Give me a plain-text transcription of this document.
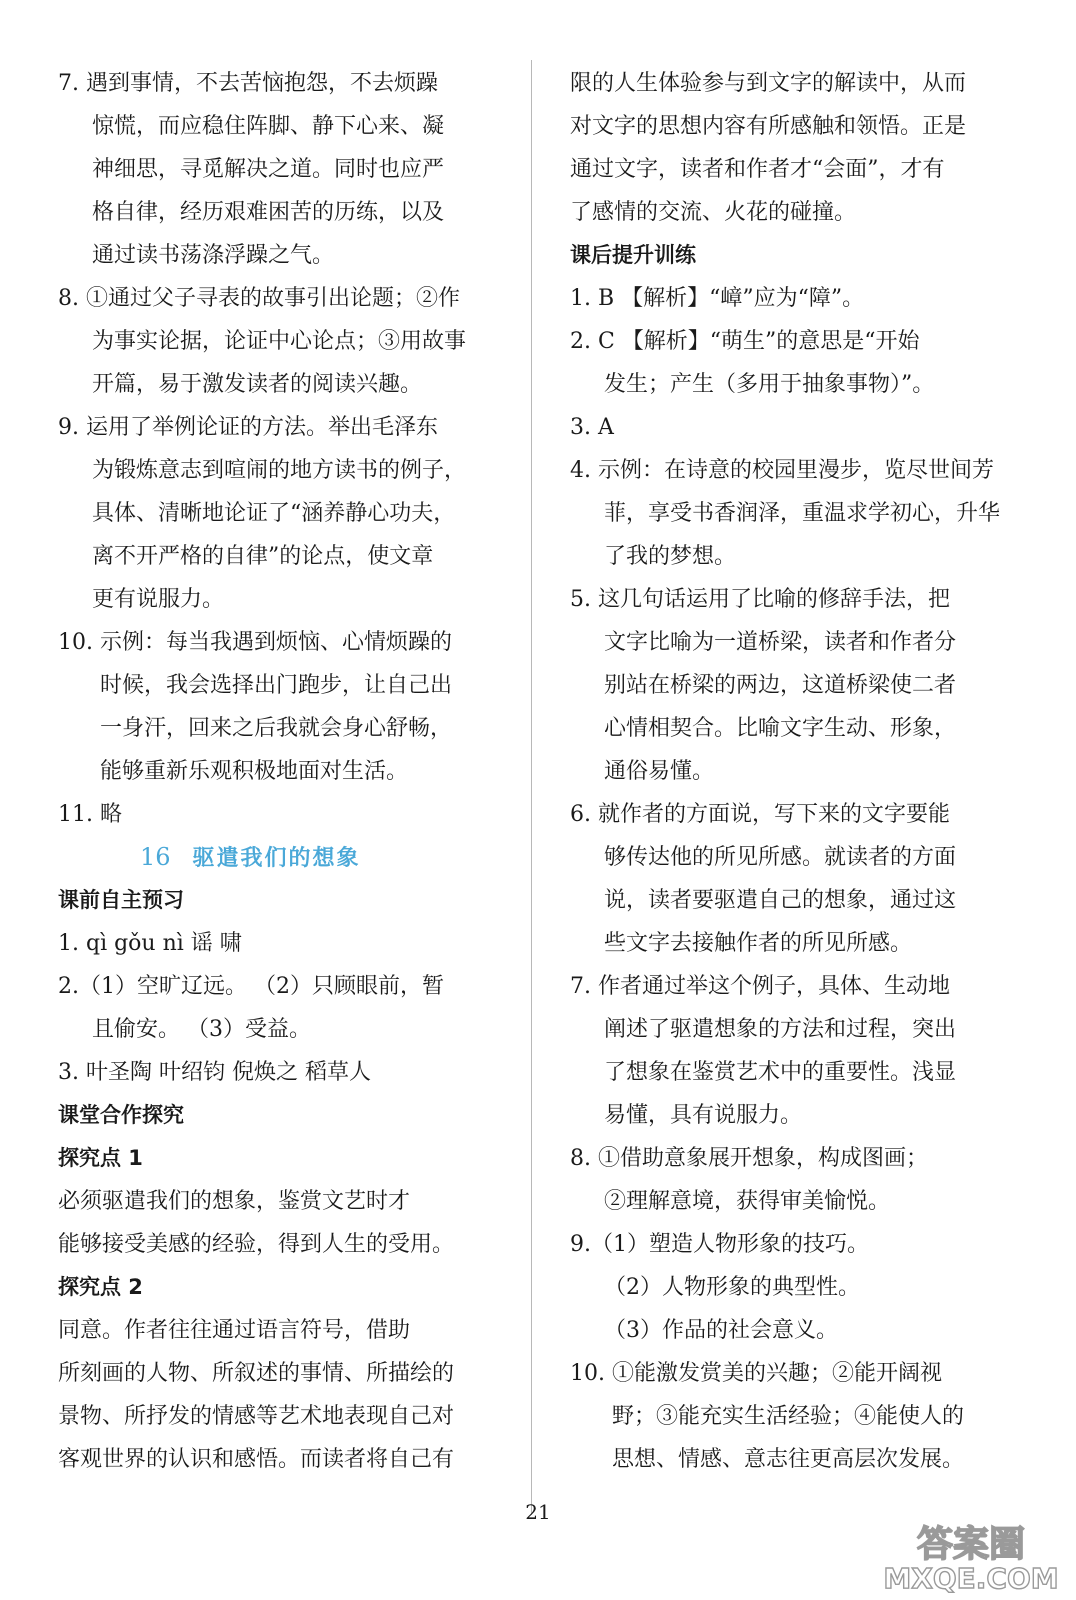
7. 遇到事情，不去苦恼抱怨，不去烦躁
惊慌，而应稳住阵脚、静下心来、凝
神细思，寻觅解决之道。同时也应严
格自律，经历艰难困苦的历练，以及
通过读书荡涤浮躁之气。
8. ①通过父子寻表的故事引出论题；②作
为事实论据，论证中心论点；③用故事
开篇，易于激发读者的阅读兴趣。
9. 运用了举例论证的方法。举出毛泽东
为锻炼意志到喧闹的地方读书的例子，
具体、清晰地论证了“涵养静心功夫，
离不开严格的自律”的论点，使文章
更有说服力。
10. 示例：每当我遇到烦恼、心情烦躁的
时候，我会选择出门跑步，让自己出
一身汗，回来之后我就会身心舒畅，
能够重新乐观积极地面对生活。
11. 略
16 驱遣我们的想象
课前自主预习
1. qì gǒu nì 谣 啸
2.（1）空旷辽远。 （2）只顾眼前，暂
且偷安。 （3）受益。
3. 叶圣陶 叶绍钧 倪焕之 稻草人
课堂合作探究
探究点 1
必须驱遣我们的想象，鉴赏文艺时才
能够接受美感的经验，得到人生的受用。
探究点 2
同意。作者往往通过语言符号，借助
所刻画的人物、所叙述的事情、所描绘的
景物、所抒发的情感等艺术地表现自己对
客观世界的认识和感悟。而读者将自己有
限的人生体验参与到文字的解读中，从而
对文字的思想内容有所感触和领悟。正是
通过文字，读者和作者才“会面”，才有
了感情的交流、火花的碰撞。
课后提升训练
1. B 【解析】“嶂”应为“障”。
2. C 【解析】“萌生”的意思是“开始
发生；产生（多用于抽象事物）”。
3. A
4. 示例：在诗意的校园里漫步，览尽世间芳
菲，享受书香润泽，重温求学初心，升华
了我的梦想。
5. 这几句话运用了比喻的修辞手法，把
文字比喻为一道桥梁，读者和作者分
别站在桥梁的两边，这道桥梁使二者
心情相契合。比喻文字生动、形象，
通俗易懂。
6. 就作者的方面说，写下来的文字要能
够传达他的所见所感。就读者的方面
说，读者要驱遣自己的想象，通过这
些文字去接触作者的所见所感。
7. 作者通过举这个例子，具体、生动地
阐述了驱遣想象的方法和过程，突出
了想象在鉴赏艺术中的重要性。浅显
易懂，具有说服力。
8. ①借助意象展开想象，构成图画；
②理解意境，获得审美愉悦。
9.（1）塑造人物形象的技巧。
（2）人物形象的典型性。
（3）作品的社会意义。
10. ①能激发赏美的兴趣；②能开阔视
野；③能充实生活经验；④能使人的
思想、情感、意志往更高层次发展。
21
答案圈
MXQE.COM
